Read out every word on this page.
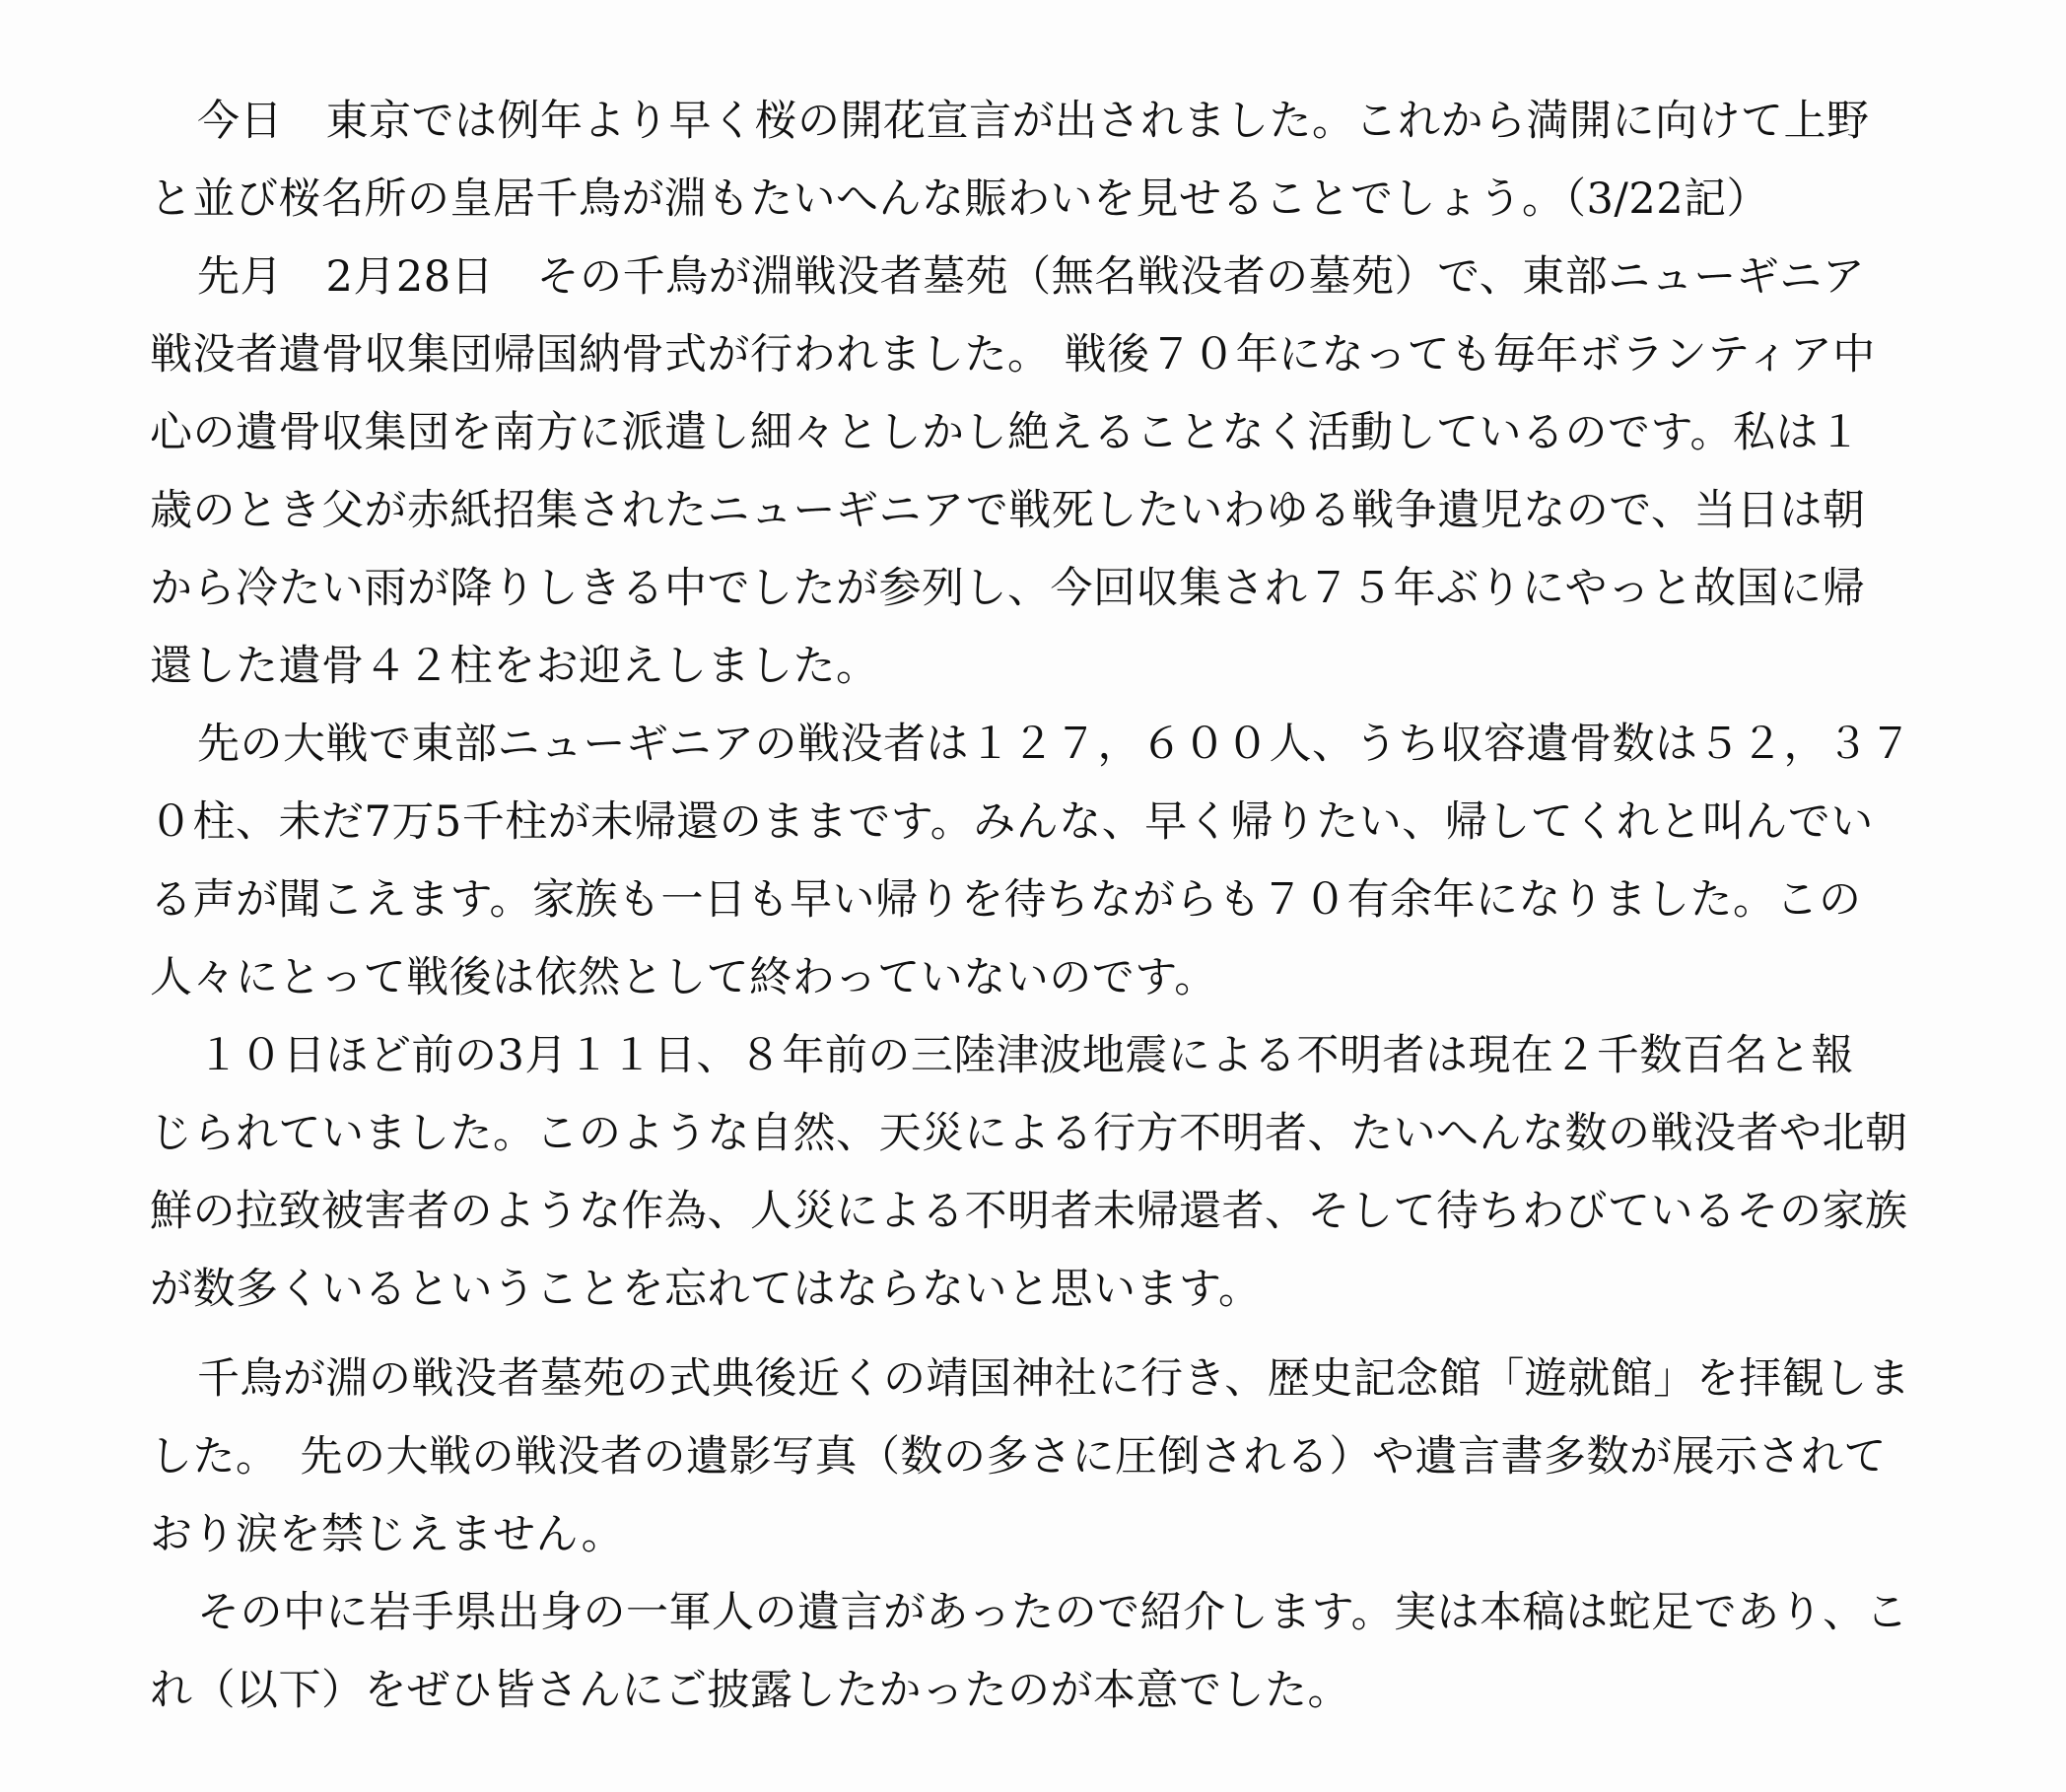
今日　東京では例年より早く桜の開花宣言が出されました。これから満開に向けて上野
と並び桜名所の皇居千鳥が淵もたいへんな賑わいを見せることでしょう。（3/22記）
先月　2月28日　その千鳥が淵戦没者墓苑（無名戦没者の墓苑）で、東部ニューギニア
戦没者遺骨収集団帰国納骨式が行われました。 戦後７０年になっても毎年ボランティア中
心の遺骨収集団を南方に派遣し細々としかし絶えることなく活動しているのです。私は１
歳のとき父が赤紙招集されたニューギニアで戦死したいわゆる戦争遺児なので、当日は朝
から冷たい雨が降りしきる中でしたが参列し、今回収集され７５年ぶりにやっと故国に帰
還した遺骨４２柱をお迎えしました。
先の大戦で東部ニューギニアの戦没者は１２７，６００人、うち収容遺骨数は５２，３７
０柱、未だ7万5千柱が未帰還のままです。みんな、早く帰りたい、帰してくれと叫んでい
る声が聞こえます。家族も一日も早い帰りを待ちながらも７０有余年になりました。この
人々にとって戦後は依然として終わっていないのです。
１０日ほど前の3月１１日、８年前の三陸津波地震による不明者は現在２千数百名と報
じられていました。このような自然、天災による行方不明者、たいへんな数の戦没者や北朝
鮮の拉致被害者のような作為、人災による不明者未帰還者、そして待ちわびているその家族
が数多くいるということを忘れてはならないと思います。
千鳥が淵の戦没者墓苑の式典後近くの靖国神社に行き、歴史記念館「遊就館」を拝観しま
した。　先の大戦の戦没者の遺影写真（数の多さに圧倒される）や遺言書多数が展示されて
おり涙を禁じえません。
その中に岩手県出身の一軍人の遺言があったので紹介します。実は本稿は蛇足であり、こ
れ（以下）をぜひ皆さんにご披露したかったのが本意でした。
